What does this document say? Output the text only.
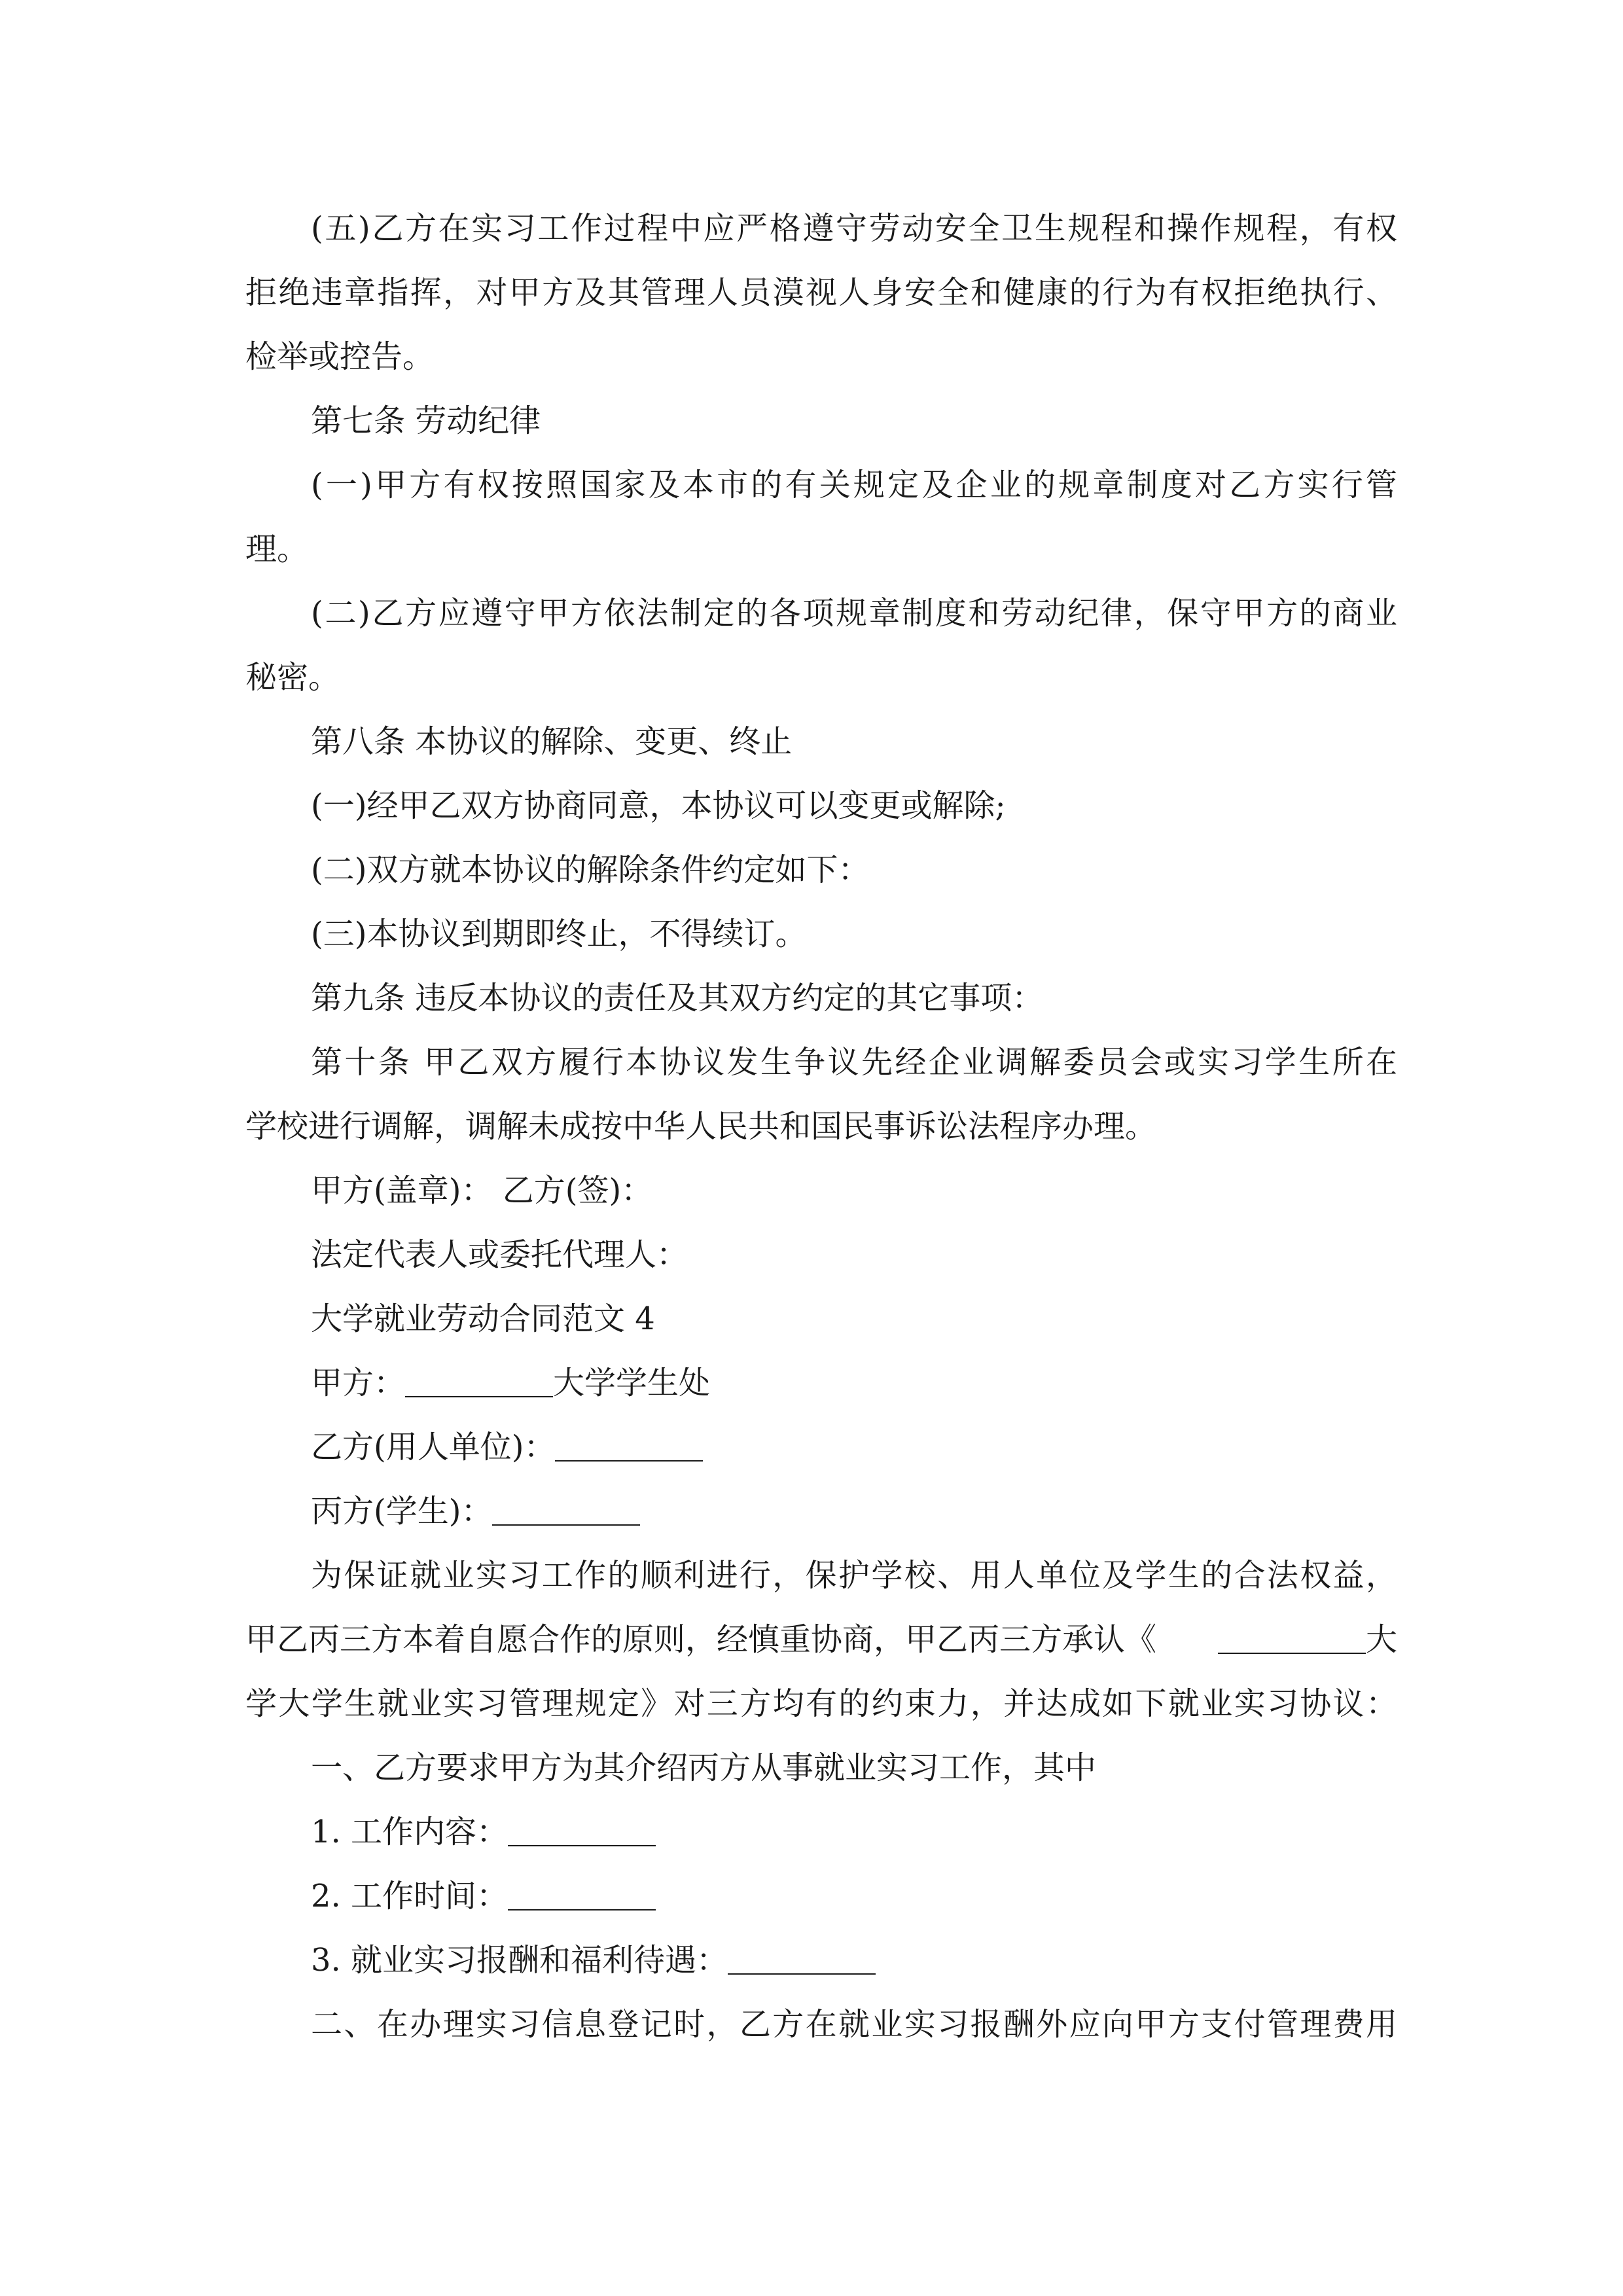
(五)乙方在实习工作过程中应严格遵守劳动安全卫生规程和操作规程，有权
拒绝违章指挥，对甲方及其管理人员漠视人身安全和健康的行为有权拒绝执行、
检举或控告。
第七条 劳动纪律
(一)甲方有权按照国家及本市的有关规定及企业的规章制度对乙方实行管
理。
(二)乙方应遵守甲方依法制定的各项规章制度和劳动纪律，保守甲方的商业
秘密。
第八条 本协议的解除、变更、终止
(一)经甲乙双方协商同意，本协议可以变更或解除;
(二)双方就本协议的解除条件约定如下：
(三)本协议到期即终止，不得续订。
第九条 违反本协议的责任及其双方约定的其它事项：
第十条 甲乙双方履行本协议发生争议先经企业调解委员会或实习学生所在
学校进行调解，调解未成按中华人民共和国民事诉讼法程序办理。
甲方(盖章)： 乙方(签)：
法定代表人或委托代理人：
大学就业劳动合同范文 4
甲方：	大学学生处
乙方(用人单位)：
丙方(学生)：
为保证就业实习工作的顺利进行，保护学校、用人单位及学生的合法权益，
甲乙丙三方本着自愿合作的原则，经慎重协商，甲乙丙三方承认《	大
学大学生就业实习管理规定》对三方均有的约束力，并达成如下就业实习协议：
一、乙方要求甲方为其介绍丙方从事就业实习工作，其中
1. 工作内容：
2. 工作时间：
3. 就业实习报酬和福利待遇：
二、在办理实习信息登记时，乙方在就业实习报酬外应向甲方支付管理费用
